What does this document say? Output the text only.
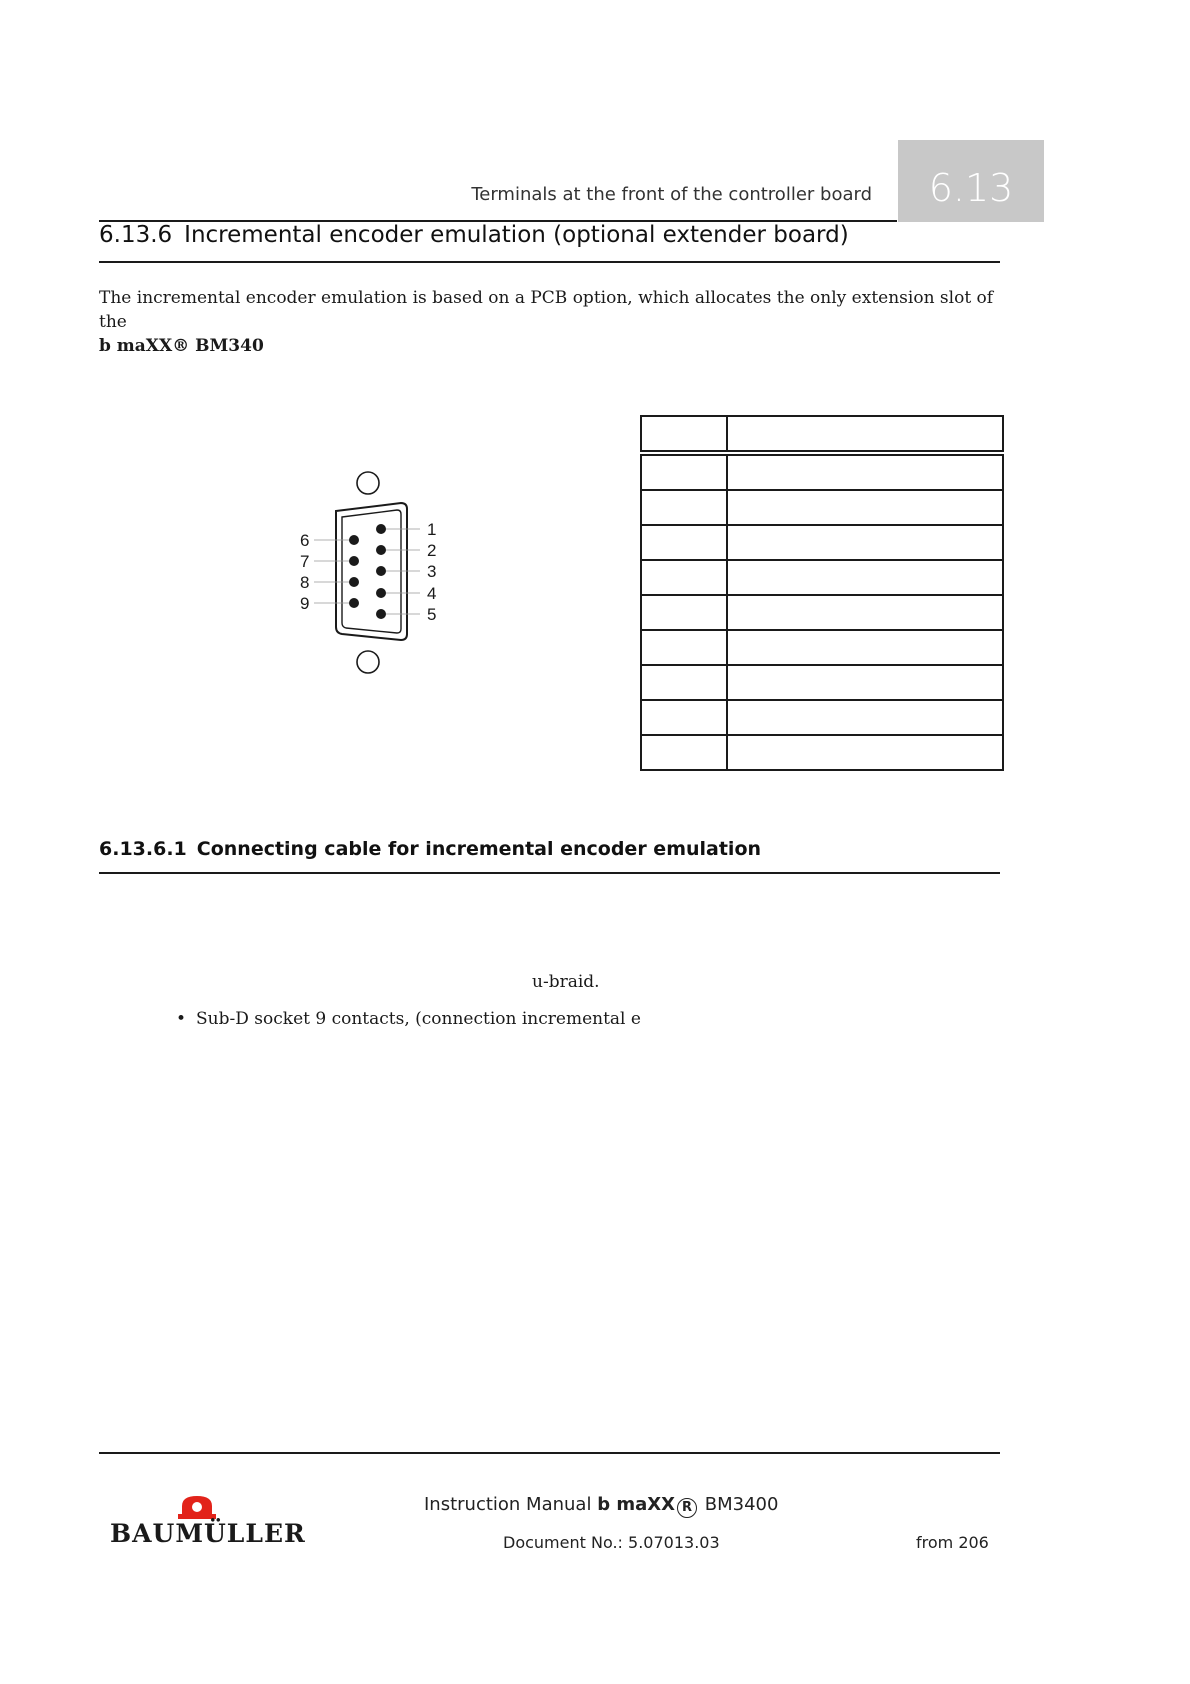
6.13
Terminals at the front of the controller board
6.13.6 Incremental encoder emulation (optional extender board)
The incremental encoder emulation is based on a PCB option, which allocates the only extension slot of the
b maXX® BM340
6
7
8
9
1
2
3
4
5

6.13.6.1 Connecting cable for incremental encoder emulation
u-braid.
• Sub-D socket 9 contacts, (connection incremental e
BAUMÜLLER
Instruction Manual b maXX R BM3400
Document No.: 5.07013.03	from 206
